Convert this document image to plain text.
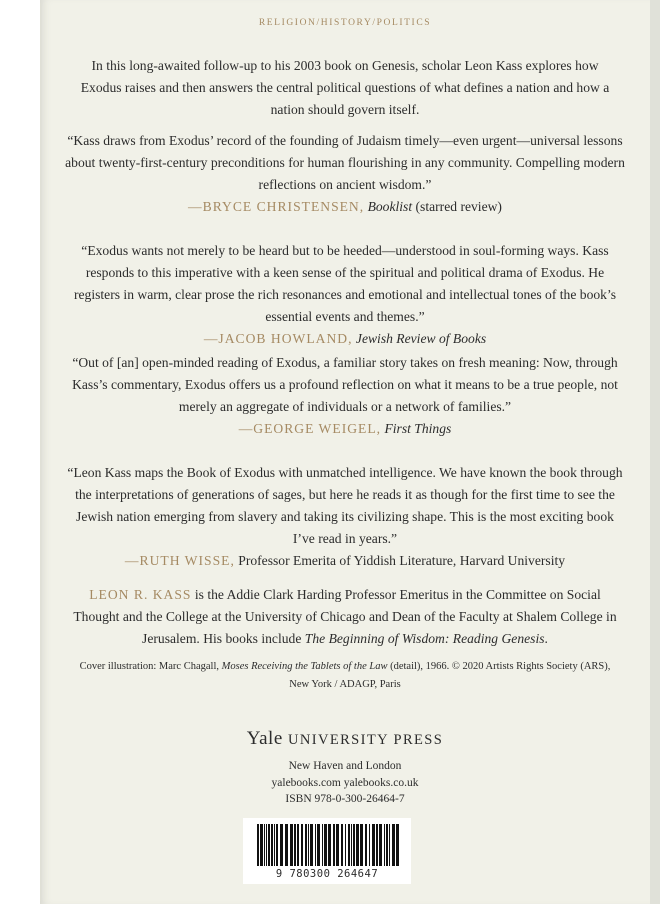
RELIGION/HISTORY/POLITICS
In this long-awaited follow-up to his 2003 book on Genesis, scholar Leon Kass explores how Exodus raises and then answers the central political questions of what defines a nation and how a nation should govern itself.
“Kass draws from Exodus’ record of the founding of Judaism timely—even urgent—universal lessons about twenty-first-century preconditions for human flourishing in any community. Compelling modern reflections on ancient wisdom.”
—BRYCE CHRISTENSEN, Booklist (starred review)
“Exodus wants not merely to be heard but to be heeded—understood in soul-forming ways. Kass responds to this imperative with a keen sense of the spiritual and political drama of Exodus. He registers in warm, clear prose the rich resonances and emotional and intellectual tones of the book’s essential events and themes.”
—JACOB HOWLAND, Jewish Review of Books
“Out of [an] open-minded reading of Exodus, a familiar story takes on fresh meaning: Now, through Kass’s commentary, Exodus offers us a profound reflection on what it means to be a true people, not merely an aggregate of individuals or a network of families.”
—GEORGE WEIGEL, First Things
“Leon Kass maps the Book of Exodus with unmatched intelligence. We have known the book through the interpretations of generations of sages, but here he reads it as though for the first time to see the Jewish nation emerging from slavery and taking its civilizing shape. This is the most exciting book I’ve read in years.”
—RUTH WISSE, Professor Emerita of Yiddish Literature, Harvard University
LEON R. KASS is the Addie Clark Harding Professor Emeritus in the Committee on Social Thought and the College at the University of Chicago and Dean of the Faculty at Shalem College in Jerusalem. His books include The Beginning of Wisdom: Reading Genesis.
Cover illustration: Marc Chagall, Moses Receiving the Tablets of the Law (detail), 1966. © 2020 Artists Rights Society (ARS), New York / ADAGP, Paris
Yale UNIVERSITY PRESS
New Haven and London
yalebooks.com yalebooks.co.uk
ISBN 978-0-300-26464-7
9 780300 264647
